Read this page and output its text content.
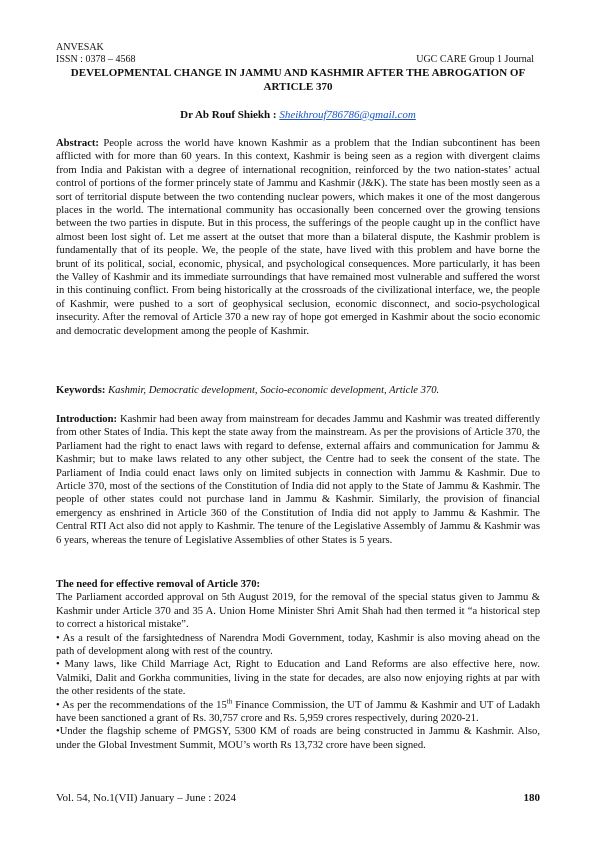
ANVESAK
ISSN : 0378 – 4568	UGC CARE Group 1 Journal
DEVELOPMENTAL CHANGE IN JAMMU AND KASHMIR AFTER THE ABROGATION OF ARTICLE 370
Dr Ab Rouf Shiekh : Sheikhrouf786786@gmail.com

Abstract: People across the world have known Kashmir as a problem that the Indian subcontinent has been afflicted with for more than 60 years. In this context, Kashmir is being seen as a region with divergent claims from India and Pakistan with a degree of international recognition, reinforced by the two nation-states’ actual control of portions of the former princely state of Jammu and Kashmir (J&K). The state has been mostly seen as a sort of territorial dispute between the two contending nuclear powers, which makes it one of the most dangerous places in the world. The international community has occasionally been concerned over the growing tensions between the two parties in dispute. But in this process, the sufferings of the people caught up in the conflict have almost been lost sight of. Let me assert at the outset that more than a bilateral dispute, the Kashmir problem is fundamentally that of its people. We, the people of the state, have lived with this problem and have borne the brunt of its political, social, economic, physical, and psychological consequences. More particularly, it has been the Valley of Kashmir and its immediate surroundings that have remained most vulnerable and suffered the worst in this continuing conflict. From being historically at the crossroads of the civilizational interface, we, the people of Kashmir, were pushed to a sort of geophysical seclusion, economic disconnect, and socio-psychological insecurity. After the removal of Article 370 a new ray of hope got emerged in Kashmir about the socio economic and democratic development among the people of Kashmir.

Keywords: Kashmir, Democratic development, Socio-economic development, Article 370.

Introduction: Kashmir had been away from mainstream for decades Jammu and Kashmir was treated differently from other States of India. This kept the state away from the mainstream. As per the provisions of Article 370, the Parliament had the right to enact laws with regard to defense, external affairs and communication for Jammu & Kashmir; but to make laws related to any other subject, the Centre had to seek the consent of the state. The Parliament of India could enact laws only on limited subjects in connection with Jammu & Kashmir. Due to Article 370, most of the sections of the Constitution of India did not apply to the State of Jammu & Kashmir. The people of other states could not purchase land in Jammu & Kashmir. Similarly, the provision of financial emergency as enshrined in Article 360 of the Constitution of India did not apply to Jammu & Kashmir. The Central RTI Act also did not apply to Kashmir. The tenure of the Legislative Assembly of Jammu & Kashmir was 6 years, whereas the tenure of Legislative Assemblies of other States is 5 years.

The need for effective removal of Article 370:

The Parliament accorded approval on 5th August 2019, for the removal of the special status given to Jammu & Kashmir under Article 370 and 35 A. Union Home Minister Shri Amit Shah had then termed it “a historical step to correct a historical mistake”.

• As a result of the farsightedness of Narendra Modi Government, today, Kashmir is also moving ahead on the path of development along with rest of the country.

• Many laws, like Child Marriage Act, Right to Education and Land Reforms are also effective here, now. Valmiki, Dalit and Gorkha communities, living in the state for decades, are also now enjoying rights at par with the other residents of the state.

• As per the recommendations of the 15th Finance Commission, the UT of Jammu & Kashmir and UT of Ladakh have been sanctioned a grant of Rs. 30,757 crore and Rs. 5,959 crores respectively, during 2020-21.

•Under the flagship scheme of PMGSY, 5300 KM of roads are being constructed in Jammu & Kashmir. Also, under the Global Investment Summit, MOU’s worth Rs 13,732 crore have been signed.

Vol. 54, No.1(VII) January – June : 2024	180
